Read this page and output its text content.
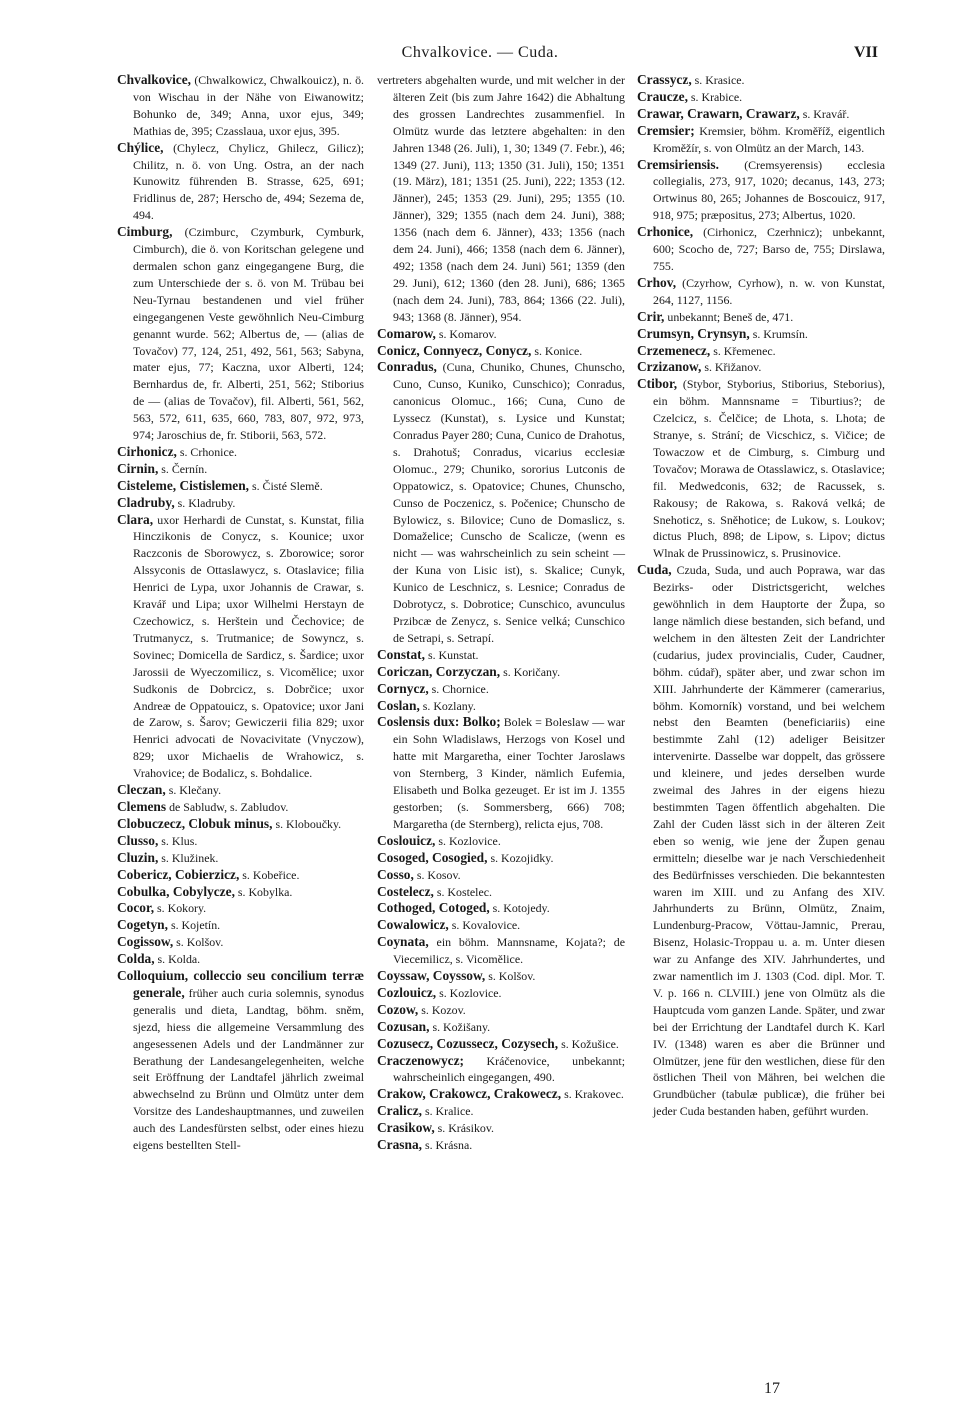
Chvalkovice. — Cuda.	VII

Chvalkovice, (Chwalkowicz, Chwalkouicz), n. ö. von Wischau in der Nähe von Eiwanowitz; Bohunko de, 349; Anna, uxor ejus, 349; Mathias de, 395; Czasslaua, uxor ejus, 395.

Chýlice, (Chylecz, Chylicz, Ghilecz, Gilicz); Chilitz, n. ö. von Ung. Ostra, an der nach Kunowitz führenden B. Strasse, 625, 691; Fridlinus de, 287; Herscho de, 494; Sezema de, 494.

Cimburg, (Czimburc, Czymburk, Cymburk, Cimburch), die ö. von Koritschan gelegene und dermalen schon ganz eingegangene Burg, die zum Unterschiede der s. ö. von M. Trübau bei Neu-Tyrnau bestandenen und viel früher eingegangenen Veste gewöhnlich Neu-Cimburg genannt wurde. 562; Albertus de, — (alias de Tovačov) 77, 124, 251, 492, 561, 563; Sabyna, mater ejus, 77; Kaczna, uxor Alberti, 124; Bernhardus de, fr. Alberti, 251, 562; Stiborius de — (alias de Tovačov), fil. Alberti, 561, 562, 563, 572, 611, 635, 660, 783, 807, 972, 973, 974; Jaroschius de, fr. Stiborii, 563, 572.

Cirhonicz, s. Crhonice.

Cirnin, s. Černín.

Cisteleme, Cistislemen, s. Čisté Slemě.

Cladruby, s. Kladruby.

Clara, uxor Herhardi de Cunstat, s. Kunstat, filia Hinczikonis de Conycz, s. Kounice; uxor Raczconis de Sborowycz, s. Zborowice; soror Alssyconis de Ottaslawycz, s. Otaslavice; filia Henrici de Lypa, uxor Johannis de Crawar, s. Kravář und Lipa; uxor Wilhelmi Herstayn de Czechowicz, s. Herštein und Čechovice; de Trutmanycz, s. Trutmanice; de Sowyncz, s. Sovinec; Domicella de Sardicz, s. Šardice; uxor Jarossii de Wyeczomilicz, s. Vicomělice; uxor Sudkonis de Dobrcicz, s. Dobrčice; uxor Andreæ de Oppatouicz, s. Opatovice; uxor Jani de Zarow, s. Šarov; Gewiczerii filia 829; uxor Henrici advocati de Novacivitate (Vnyczow), 829; uxor Michaelis de Wrahowicz, s. Vrahovice; de Bodalicz, s. Bohdalice.

Cleczan, s. Klečany.

Clemens de Sabludw, s. Zabludov.

Clobuczecz, Clobuk minus, s. Kloboučky.

Clusso, s. Klus.

Cluzin, s. Klužinek.

Cobericz, Cobierzicz, s. Kobeřice.

Cobulka, Cobylycze, s. Kobylka.

Cocor, s. Kokory.

Cogetyn, s. Kojetín.

Cogissow, s. Kolšov.

Colda, s. Kolda.

Colloquium, colleccio seu concilium terræ generale, früher auch curia solemnis, synodus generalis und dieta, Landtag, böhm. sněm, sjezd, hiess die allgemeine Versammlung des angesessenen Adels und der Landmänner zur Berathung der Landesangelegenheiten, welche seit Eröffnung der Landtafel jährlich zweimal abwechselnd zu Brünn und Olmütz unter dem Vorsitze des Landeshauptmannes, und zuweilen auch des Landesfürsten selbst, oder eines hiezu eigens bestellten Stell-

vertreters abgehalten wurde, und mit welcher in der älteren Zeit (bis zum Jahre 1642) die Abhaltung des grossen Landrechtes zusammenfiel. In Olmütz wurde das letztere abgehalten: in den Jahren 1348 (26. Juli), 1, 30; 1349 (7. Febr.), 46; 1349 (27. Juni), 113; 1350 (31. Juli), 150; 1351 (19. März), 181; 1351 (25. Juni), 222; 1353 (12. Jänner), 245; 1353 (29. Juni), 295; 1355 (10. Jänner), 329; 1355 (nach dem 24. Juni), 388; 1356 (nach dem 6. Jänner), 433; 1356 (nach dem 24. Juni), 466; 1358 (nach dem 6. Jänner), 492; 1358 (nach dem 24. Juni) 561; 1359 (den 29. Juni), 612; 1360 (den 28. Juni), 686; 1365 (nach dem 24. Juni), 783, 864; 1366 (22. Juli), 943; 1368 (8. Jänner), 954.

Comarow, s. Komarov.

Conicz, Connyecz, Conycz, s. Konice.

Conradus, (Cuna, Chuniko, Chunes, Chunscho, Cuno, Cunso, Kuniko, Cunschico); Conradus, canonicus Olomuc., 166; Cuna, Cuno de Lyssecz (Kunstat), s. Lysice und Kunstat; Conradus Payer 280; Cuna, Cunico de Drahotus, s. Drahotuš; Conradus, vicarius ecclesiæ Olomuc., 279; Chuniko, sororius Lutconis de Oppatowicz, s. Opatovice; Chunes, Chunscho, Cunso de Poczenicz, s. Počenice; Chunscho de Bylowicz, s. Bilovice; Cuno de Domaslicz, s. Domaželice; Cunscho de Scalicze, (wenn es nicht — was wahrscheinlich zu sein scheint — der Kuna von Lisic ist), s. Skalice; Cunyk, Kunico de Leschnicz, s. Lesnice; Conradus de Dobrotycz, s. Dobrotice; Cunschico, avunculus Przibcæ de Zenycz, s. Senice velká; Cunschico de Setrapi, s. Setrapí.

Constat, s. Kunstat.

Coriczan, Corzyczan, s. Koričany.

Cornycz, s. Chornice.

Coslan, s. Kozlany.

Coslensis dux: Bolko; Bolek = Boleslaw — war ein Sohn Wladislaws, Herzogs von Kosel und hatte mit Margaretha, einer Tochter Jaroslaws von Sternberg, 3 Kinder, nämlich Eufemia, Elisabeth und Bolka gezeuget. Er ist im J. 1355 gestorben; (s. Sommersberg, 666) 708; Margaretha (de Sternberg), relicta ejus, 708.

Coslouicz, s. Kozlovice.

Cosoged, Cosogied, s. Kozojidky.

Cosso, s. Kosov.

Costelecz, s. Kostelec.

Cothoged, Cotoged, s. Kotojedy.

Cowalowicz, s. Kovalovice.

Coynata, ein böhm. Mannsname, Kojata?; de Viecemilicz, s. Vicomělice.

Coyssaw, Coyssow, s. Kolšov.

Cozlouicz, s. Kozlovice.

Cozow, s. Kozov.

Cozusan, s. Kožišany.

Cozusecz, Cozussecz, Cozysech, s. Kožušice.

Craczenowycz; Kráčenovice, unbekannt; wahrscheinlich eingegangen, 490.

Crakow, Crakowcz, Crakowecz, s. Krakovec.

Cralicz, s. Kralice.

Crasikow, s. Krásikov.

Crasna, s. Krásna.

Crassycz, s. Krasice.

Craucze, s. Krabice.

Crawar, Crawarn, Crawarz, s. Kravář.

Cremsier; Kremsier, böhm. Kroměříž, eigentlich Kroměžír, s. von Olmütz an der March, 143.

Cremsiriensis. (Cremsyerensis) ecclesia collegialis, 273, 917, 1020; decanus, 143, 273; Ortwinus 80, 265; Johannes de Boscouicz, 917, 918, 975; præpositus, 273; Albertus, 1020.

Crhonice, (Cirhonicz, Czerhnicz); unbekannt, 600; Scocho de, 727; Barso de, 755; Dirslawa, 755.

Crhov, (Czyrhow, Cyrhow), n. w. von Kunstat, 264, 1127, 1156.

Crir, unbekannt; Beneš de, 471.

Crumsyn, Crynsyn, s. Krumsín.

Crzemenecz, s. Křemenec.

Crzizanow, s. Křižanov.

Ctibor, (Stybor, Styborius, Stiborius, Steborius), ein böhm. Mannsname = Tiburtius?; de Czelcicz, s. Čelčice; de Lhota, s. Lhota; de Stranye, s. Strání; de Vicschicz, s. Vičice; de Towaczow et de Cimburg, s. Cimburg und Tovačov; Morawa de Otasslawicz, s. Otaslavice; fil. Medwedconis, 632; de Racussek, s. Rakousy; de Rakowa, s. Raková velká; de Snehoticz, s. Sněhotice; de Lukow, s. Loukov; dictus Pluch, 898; de Lipow, s. Lipov; dictus Wlnak de Prussinowicz, s. Prusinovice.

Cuda, Czuda, Suda, und auch Poprawa, war das Bezirks- oder Districtsgericht, welches gewöhnlich in dem Hauptorte der Župa, so lange nämlich diese bestanden, sich befand, und welchem in den ältesten Zeit der Landrichter (cudarius, judex provincialis, Cuder, Caudner, böhm. cúdař), später aber, und zwar schon im XIII. Jahrhunderte der Kämmerer (camerarius, böhm. Komorník) vorstand, und bei welchem nebst den Beamten (beneficiariis) eine bestimmte Zahl (12) adeliger Beisitzer intervenirte. Dasselbe war doppelt, das grössere und kleinere, und jedes derselben wurde zweimal des Jahres in der eigens hiezu bestimmten Tagen öffentlich abgehalten. Die Zahl der Cuden lässt sich in der älteren Zeit eben so wenig, wie jene der Župen genau ermitteln; dieselbe war je nach Verschiedenheit des Bedürfnisses verschieden. Die bekanntesten waren im XIII. und zu Anfang des XIV. Jahrhunderts zu Brünn, Olmütz, Znaim, Lundenburg-Pracow, Vöttau-Jamnic, Prerau, Bisenz, Holasic-Troppau u. a. m. Unter diesen war zu Anfange des XIV. Jahrhundertes, und zwar namentlich im J. 1303 (Cod. dipl. Mor. T. V. p. 166 n. CLVIII.) jene von Olmütz als die Hauptcuda vom ganzen Lande. Später, und zwar bei der Errichtung der Landtafel durch K. Karl IV. (1348) waren es aber die Brünner und Olmützer, jene für den westlichen, diese für den östlichen Theil von Mähren, bei welchen die Grundbücher (tabulæ publicæ), die früher bei jeder Cuda bestanden haben, geführt wurden.

17
